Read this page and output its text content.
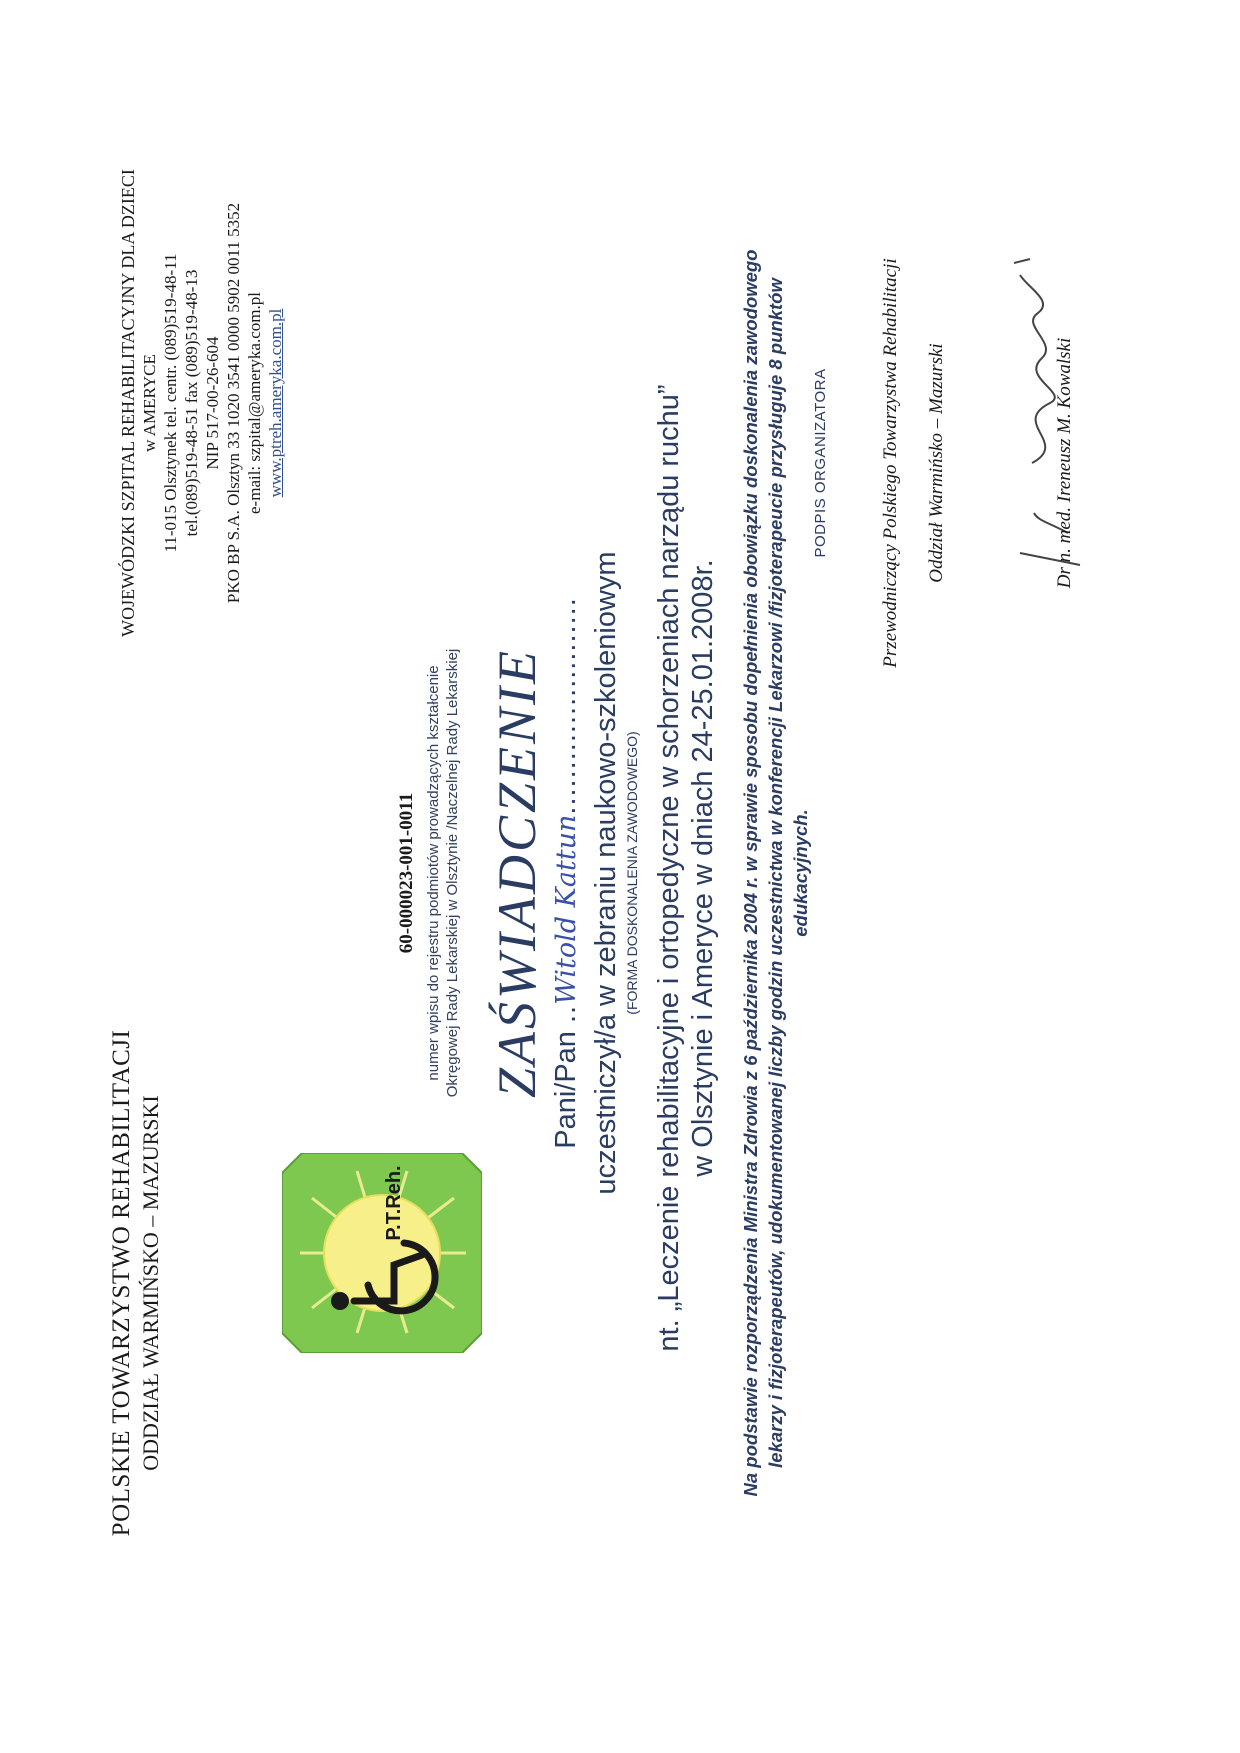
POLSKIE TOWARZYSTWO REHABILITACJI ODDZIAŁ WARMIŃSKO – MAZURSKI	P.T.Reh.
WOJEWÓDZKI SZPITAL REHABILITACYJNY DLA DZIECI w AMERYCE 11-015 Olsztynek tel. centr. (089)519-48-11 tel.(089)519-48-51 fax (089)519-48-13 NIP 517-00-26-604 PKO BP S.A. Olsztyn 33 1020 3541 0000 5902 0011 5352 e-mail: szpital@ameryka.com.pl www.ptreh.ameryka.com.pl
60-000023-001-0011 numer wpisu do rejestru podmiotów prowadzących kształcenie Okręgowej Rady Lekarskiej w Olsztynie /Naczelnej Rady Lekarskiej ZAŚWIADCZENIE Pani/Pan ..Witold Kattun........................ uczestniczył/a w zebraniu naukowo-szkoleniowym (FORMA DOSKONALENIA ZAWODOWEGO) nt. „Leczenie rehabilitacyjne i ortopedyczne w schorzeniach narządu ruchu” w Olsztynie i Ameryce w dniach 24-25.01.2008r. Na podstawie rozporządzenia Ministra Zdrowia z 6 października 2004 r. w sprawie sposobu dopełnienia obowiązku doskonalenia zawodowego lekarzy i fizjoterapeutów, udokumentowanej liczby godzin uczestnictwa w konferencji Lekarzowi /fizjoterapeucie przysługuje 8 punktów edukacyjnych.
PODPIS ORGANIZATORA	Przewodniczący Polskiego Towarzystwa Rehabilitacji Oddział Warmińsko – Mazurski	Dr n. med. Ireneusz M. Kowalski
